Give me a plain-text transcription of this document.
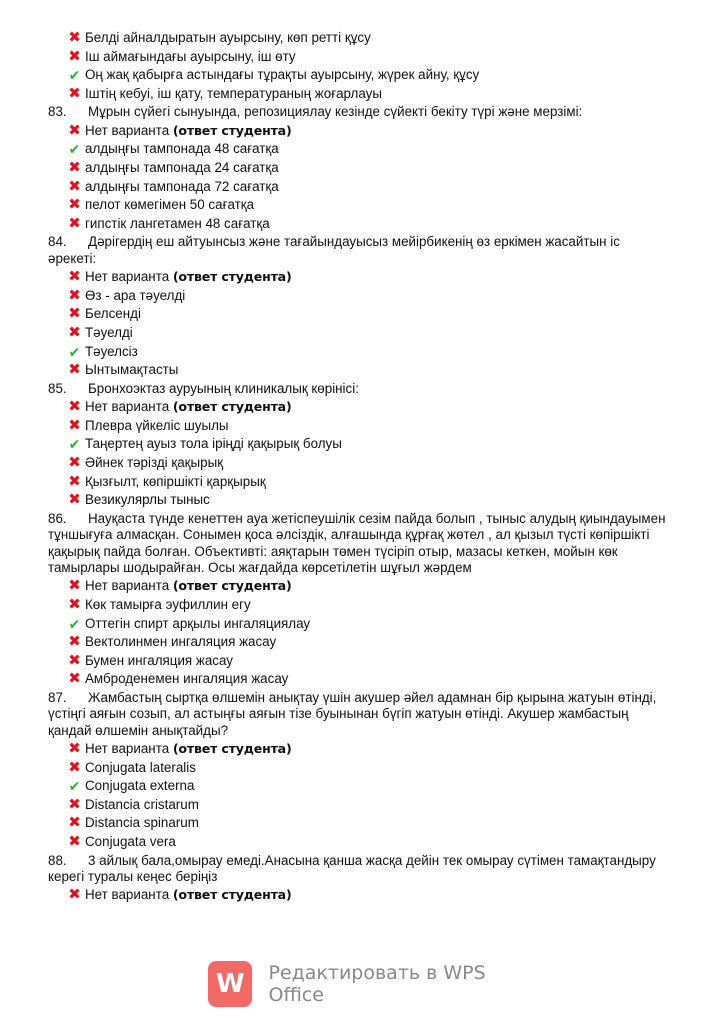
✖ Белді айналдыратын ауырсыну, көп ретті құсу
✖ Іш аймағындағы ауырсыну, іш өту
✔ Оң жақ қабырға астындағы тұрақты ауырсыну, жүрек айну, құсу
✖ Іштің кебуі, іш қату, температураның жоғарлауы
83. Мұрын сүйегі сынуында, репозициялау кезінде сүйекті бекіту түрі және мерзімі:
✖ Нет варианта (ответ студента)
✔ алдыңғы тампонада 48 сағатқа
✖ алдыңғы тампонада 24 сағатқа
✖ алдыңғы тампонада 72 сағатқа
✖ пелот көмегімен 50 сағатқа
✖ гипстік лангетамен 48 сағатқа
84. Дәрігердің еш айтуынсыз және тағайындауысыз мейірбикенің өз еркімен жасайтын іс әрекеті:
✖ Нет варианта (ответ студента)
✖ Өз - ара тәуелді
✖ Белсенді
✖ Тәуелді
✔ Тәуелсіз
✖ Ынтымақтасты
85. Бронхоэктаз ауруының клиникалық көрінісі:
✖ Нет варианта (ответ студента)
✖ Плевра үйкеліс шуылы
✔ Таңертең ауыз тола іріңді қақырық болуы
✖ Әйнек тәрізді қақырық
✖ Қызғылт, көпіршікті қарқырық
✖ Везикулярлы тыныс
86. Науқаста түнде кенеттен ауа жетіспеушілік сезім пайда болып , тыныс алудың қиындауымен тұншығуға алмасқан. Сонымен қоса әлсіздік, алғашында құрғақ жөтел , ал қызыл түсті көпіршікті қақырық пайда болған. Объективті: аяқтарын төмен түсіріп отыр, мазасы кеткен, мойын көк тамырлары шодырайған. Осы жағдайда көрсетілетін шұғыл жәрдем
✖ Нет варианта (ответ студента)
✖ Көк тамырға эуфиллин егу
✔ Оттегін спирт арқылы ингаляциялау
✖ Вектолинмен ингаляция жасау
✖ Бумен ингаляция жасау
✖ Амброденемен ингаляция жасау
87. Жамбастың сыртқа өлшемін анықтау үшін акушер әйел адамнан бір қырына жатуын өтінді, үстіңгі аяғын созып, ал астыңғы аяғын тізе буынынан бүгіп жатуын өтінді. Акушер жамбастың қандай өлшемін анықтайды?
✖ Нет варианта (ответ студента)
✖ Conjugata lateralis
✔ Conjugata externa
✖ Distancia cristarum
✖ Distancia spinarum
✖ Conjugata vera
88. 3 айлық бала,омырау емеді.Анасына қанша жасқа дейін тек омырау сүтімен тамақтандыру керегі туралы кеңес беріңіз
✖ Нет варианта (ответ студента)
W	Редактировать в WPS Office
